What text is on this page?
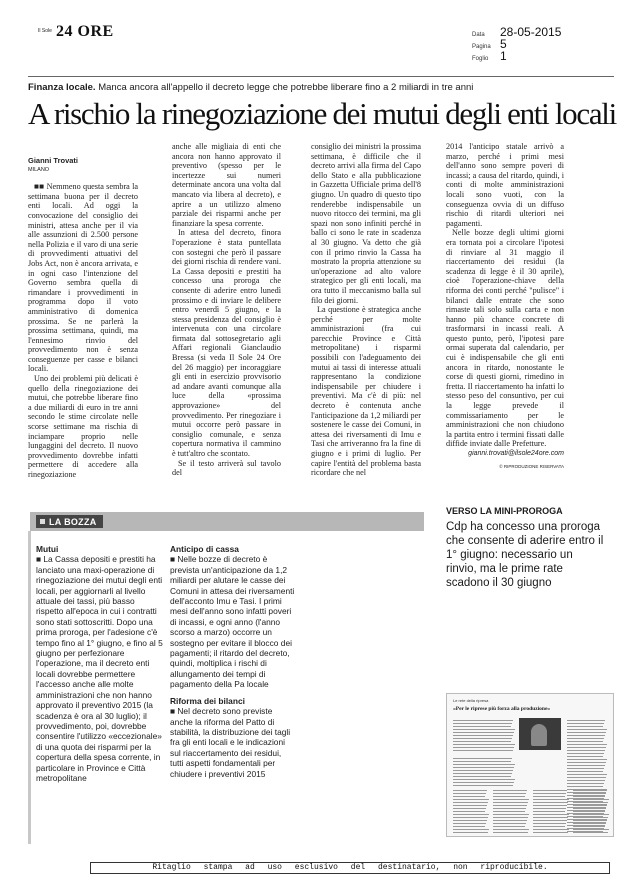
Il Sole 24 ORE	Data	28-05-2015
Pagina 5
Foglio 1
Finanza locale. Manca ancora all'appello il decreto legge che potrebbe liberare fino a 2 miliardi in tre anni
A rischio la rinegoziazione dei mutui degli enti locali

Gianni Trovati

MILANO

■■ Nemmeno questa sembra la settimana buona per il decreto enti locali. Ad oggi la convocazione del consiglio dei ministri, attesa anche per il via alle assunzioni di 2.500 persone nella Polizia e il varo di una serie di provvedimenti attuativi del Jobs Act, non è ancora arrivata, e in ogni caso l'intenzione del Governo sembra quella di rimandare i provvedimenti in programma dopo il voto amministrativo di domenica prossima. Se ne parlerà la prossima settimana, quindi, ma l'ennesimo rinvio del provvedimento non è senza conseguenze per casse e bilanci locali.

Uno dei problemi più delicati è quello della rinegoziazione dei mutui, che potrebbe liberare fino a due miliardi di euro in tre anni secondo le stime circolate nelle scorse settimane ma rischia di inciampare proprio nelle lungaggini del decreto. Il nuovo provvedimento dovrebbe infatti permettere di accedere alla rinegoziazione

anche alle migliaia di enti che ancora non hanno approvato il preventivo (spesso per le incertezze sui numeri determinate ancora una volta dal mancato via libera al decreto), e aprire a un utilizzo almeno parziale dei risparmi anche per finanziare la spesa corrente.

In attesa del decreto, finora l'operazione è stata puntellata con sostegni che però il passare dei giorni rischia di rendere vani. La Cassa depositi e prestiti ha concesso una proroga che consente di aderire entro lunedì prossimo e di inviare le delibere entro venerdì 5 giugno, e la stessa presidenza del consiglio è intervenuta con una circolare firmata dal sottosegretario agli Affari regionali Gianclaudio Bressa (si veda Il Sole 24 Ore del 26 maggio) per incoraggiare gli enti in esercizio provvisorio ad andare avanti comunque alla luce della «prossima approvazione» del provvedimento. Per rinegoziare i mutui occorre però passare in consiglio comunale, e senza copertura normativa il cammino è tutt'altro che scontato.

Se il testo arriverà sul tavolo del

consiglio dei ministri la prossima settimana, è difficile che il decreto arrivi alla firma del Capo dello Stato e alla pubblicazione in Gazzetta Ufficiale prima dell'8 giugno. Un quadro di questo tipo renderebbe indispensabile un nuovo ritocco dei termini, ma gli spazi non sono infiniti perché in ballo ci sono le rate in scadenza al 30 giugno. Va detto che già con il primo rinvio la Cassa ha mostrato la propria attenzione su un'operazione ad alto valore strategico per gli enti locali, ma ora tutto il meccanismo balla sul filo dei giorni.

La questione è strategica anche perché per molte amministrazioni (fra cui parecchie Province e Città metropolitane) i risparmi possibili con l'adeguamento dei mutui ai tassi di interesse attuali rappresentano la condizione indispensabile per chiudere i preventivi. Ma c'è di più: nel decreto è contenuta anche l'anticipazione da 1,2 miliardi per sostenere le casse dei Comuni, in attesa dei riversamenti di Imu e Tasi che arriveranno fra la fine di giugno e i primi di luglio. Per capire l'entità del problema basta ricordare che nel

2014 l'anticipo statale arrivò a marzo, perché i primi mesi dell'anno sono sempre poveri di incassi; a causa del ritardo, quindi, i conti di molte amministrazioni locali sono vuoti, con la conseguenza ovvia di un diffuso rischio di ritardi ulteriori nei pagamenti.

Nelle bozze degli ultimi giorni era tornata poi a circolare l'ipotesi di rinviare al 31 maggio il riaccertamento dei residui (la scadenza di legge è il 30 aprile), cioè l'operazione-chiave della riforma dei conti perché "pulisce" i bilanci dalle entrate che sono rimaste tali solo sulla carta e non hanno più chance concrete di trasformarsi in incassi reali. A questo punto, però, l'ipotesi pare ormai superata dal calendario, per cui è indispensabile che gli enti ancora in ritardo, nonostante le corse di questi giorni, rimedino in fretta. Il riaccertamento ha infatti lo stesso peso del consuntivo, per cui la legge prevede il commissariamento per le amministrazioni che non chiudono la partita entro i termini fissati dalle diffide inviate dalle Prefetture.

gianni.trovati@ilsole24ore.com

© RIPRODUZIONE RISERVATA

LA BOZZA
Mutui
■ La Cassa depositi e prestiti ha lanciato una maxi-operazione di rinegoziazione dei mutui degli enti locali, per aggiornarli al livello attuale dei tassi, più basso rispetto all'epoca in cui i contratti sono stati sottoscritti. Dopo una prima proroga, per l'adesione c'è tempo fino al 1° giugno, e fino al 5 giugno per perfezionare l'operazione, ma il decreto enti locali dovrebbe permettere l'accesso anche alle molte amministrazioni che non hanno approvato il preventivo 2015 (la scadenza è ora al 30 luglio); il provvedimento, poi, dovrebbe consentire l'utilizzo «eccezionale» di una quota dei risparmi per la copertura della spesa corrente, in particolare in Province e Città metropolitane
Anticipo di cassa
■ Nelle bozze di decreto è prevista un'anticipazione da 1,2 miliardi per alutare le casse dei Comuni in attesa dei riversamenti dell'acconto Imu e Tasi. I primi mesi dell'anno sono infatti poveri di incassi, e ogni anno (l'anno scorso a marzo) occorre un sostegno per evitare il blocco dei pagamenti; il ritardo del decreto, quindi, moltiplica i rischi di allungamento dei tempi di pagamento della Pa locale
Riforma dei bilanci
■ Nel decreto sono previste anche la riforma del Patto di stabilità, la distribuzione dei tagli fra gli enti locali e le indicazioni sul riaccertamento dei residui, tutti aspetti fondamentali per chiudere i preventivi 2015
VERSO LA MINI-PROROGA
Cdp ha concesso una proroga che consente di aderire entro il 1° giugno: necessario un rinvio, ma le prime rate scadono il 30 giugno
Le rete della ripresa
«Per le riprese più forza alla produzione»
Ritaglio stampa ad uso esclusivo del destinatario, non riproducibile.
